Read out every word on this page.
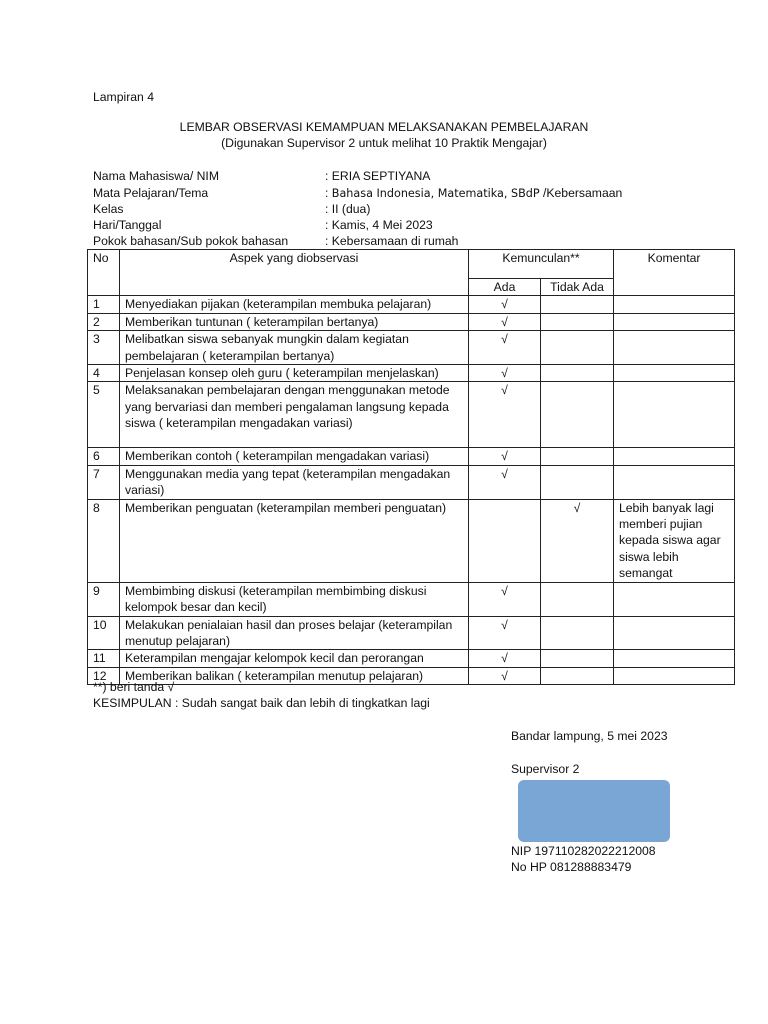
Lampiran 4
LEMBAR OBSERVASI KEMAMPUAN MELAKSANAKAN PEMBELAJARAN
(Digunakan Supervisor 2 untuk melihat 10 Praktik Mengajar)
Nama Mahasiswa/ NIM	: ERIA SEPTIYANA
Mata Pelajaran/Tema	: Bahasa Indonesia, Matematika, SBdP /Kebersamaan
Kelas	: II (dua)
Hari/Tanggal	: Kamis, 4 Mei 2023
Pokok bahasan/Sub pokok bahasan	: Kebersamaan di rumah
No	Aspek yang diobservasi	Kemunculan**		Komentar
		Ada	Tidak Ada	
1	Menyediakan pijakan (keterampilan membuka pelajaran)	√		
2	Memberikan tuntunan ( keterampilan bertanya)	√		
3	Melibatkan siswa sebanyak mungkin dalam kegiatan pembelajaran ( keterampilan bertanya)	√		
4	Penjelasan konsep oleh guru ( keterampilan menjelaskan)	√		
5	Melaksanakan pembelajaran dengan menggunakan metode yang bervariasi dan memberi pengalaman langsung kepada siswa ( keterampilan mengadakan variasi)	√		
6	Memberikan contoh ( keterampilan mengadakan variasi)	√		
7	Menggunakan media yang tepat (keterampilan mengadakan variasi)	√		
8	Memberikan penguatan (keterampilan memberi penguatan)		√	Lebih banyak lagi memberi pujian kepada siswa agar siswa lebih semangat
9	Membimbing diskusi (keterampilan membimbing diskusi kelompok besar dan kecil)	√		
10	Melakukan penialaian hasil dan proses belajar (keterampilan menutup pelajaran)	√		
11	Keterampilan mengajar kelompok kecil dan perorangan	√		
12	Memberikan balikan ( keterampilan menutup pelajaran)	√		
**) beri tanda √
KESIMPULAN : Sudah sangat baik dan lebih di tingkatkan lagi
Bandar lampung, 5 mei 2023
Supervisor 2
NIP 197110282022212008
No HP 081288883479
